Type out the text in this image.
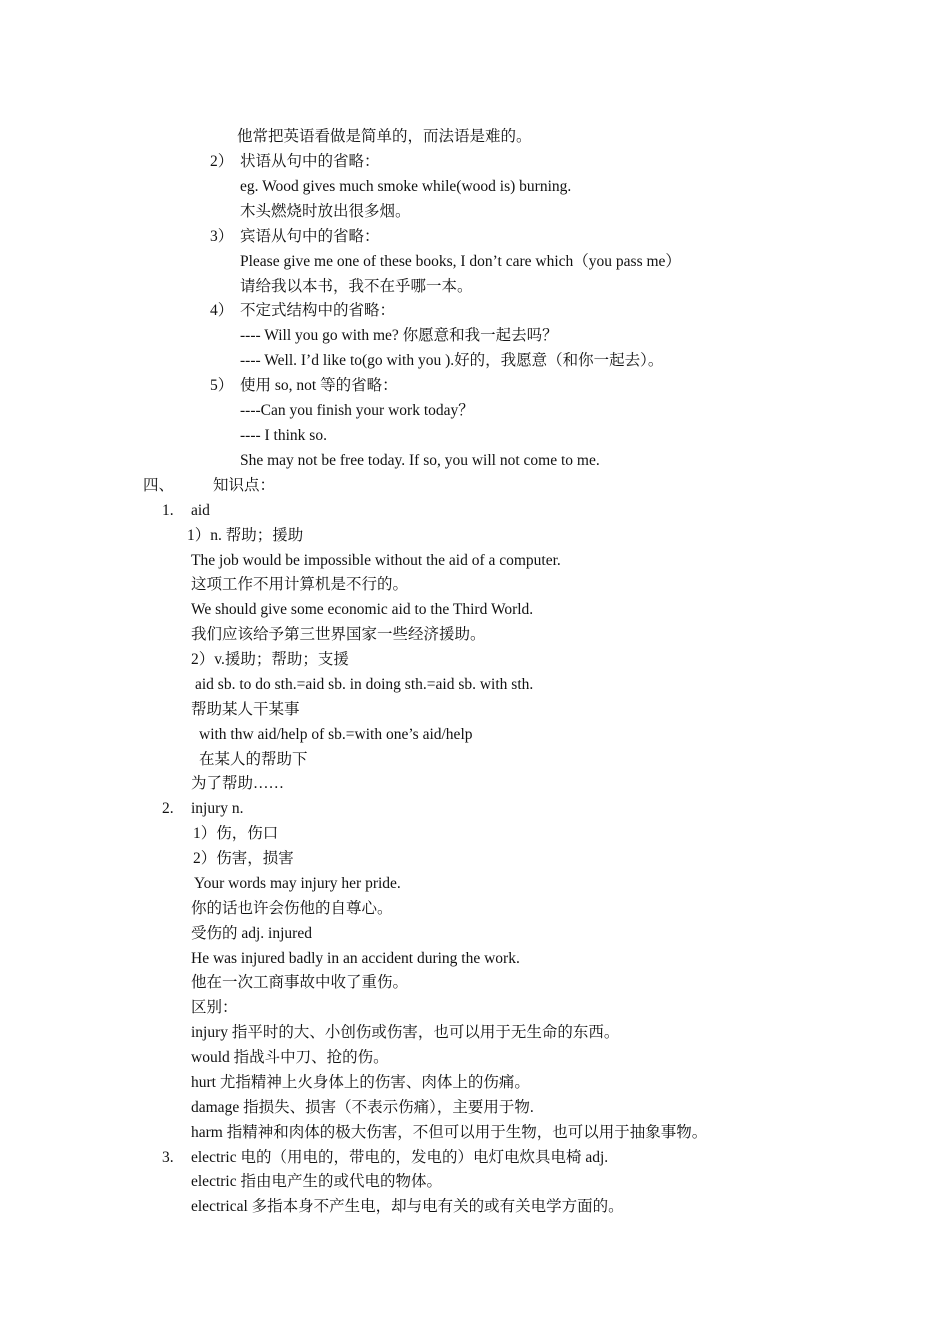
他常把英语看做是简单的，而法语是难的。
2） 状语从句中的省略：
eg. Wood gives much smoke while(wood is) burning.
木头燃烧时放出很多烟。
3） 宾语从句中的省略：
Please give me one of these books, I don’t care which（you pass me）
请给我以本书，我不在乎哪一本。
4） 不定式结构中的省略：
---- Will you go with me? 你愿意和我一起去吗？
---- Well. I’d like to(go with you ).好的，我愿意（和你一起去）。
5） 使用 so, not 等的省略：
----Can you finish your work today？
---- I think so.
She may not be free today. If so, you will not come to me.
四、	知识点：
1. aid
1）n. 帮助；援助
The job would be impossible without the aid of a computer.
这项工作不用计算机是不行的。
We should give some economic aid to the Third World.
我们应该给予第三世界国家一些经济援助。
2）v.援助；帮助；支援
aid sb. to do sth.=aid sb. in doing sth.=aid sb. with sth.
帮助某人干某事
with thw aid/help of sb.=with one’s aid/help
在某人的帮助下
为了帮助……
2. injury n.
1）伤，伤口
2）伤害，损害
Your words may injury her pride.
你的话也许会伤他的自尊心。
受伤的 adj. injured
He was injured badly in an accident during the work.
他在一次工商事故中收了重伤。
区别：
injury 指平时的大、小创伤或伤害，也可以用于无生命的东西。
would 指战斗中刀、抢的伤。
hurt 尤指精神上火身体上的伤害、肉体上的伤痛。
damage 指损失、损害（不表示伤痛），主要用于物.
harm 指精神和肉体的极大伤害，不但可以用于生物，也可以用于抽象事物。
3. electric 电的（用电的，带电的，发电的）电灯电炊具电椅 adj.
electric 指由电产生的或代电的物体。
electrical 多指本身不产生电，却与电有关的或有关电学方面的。
